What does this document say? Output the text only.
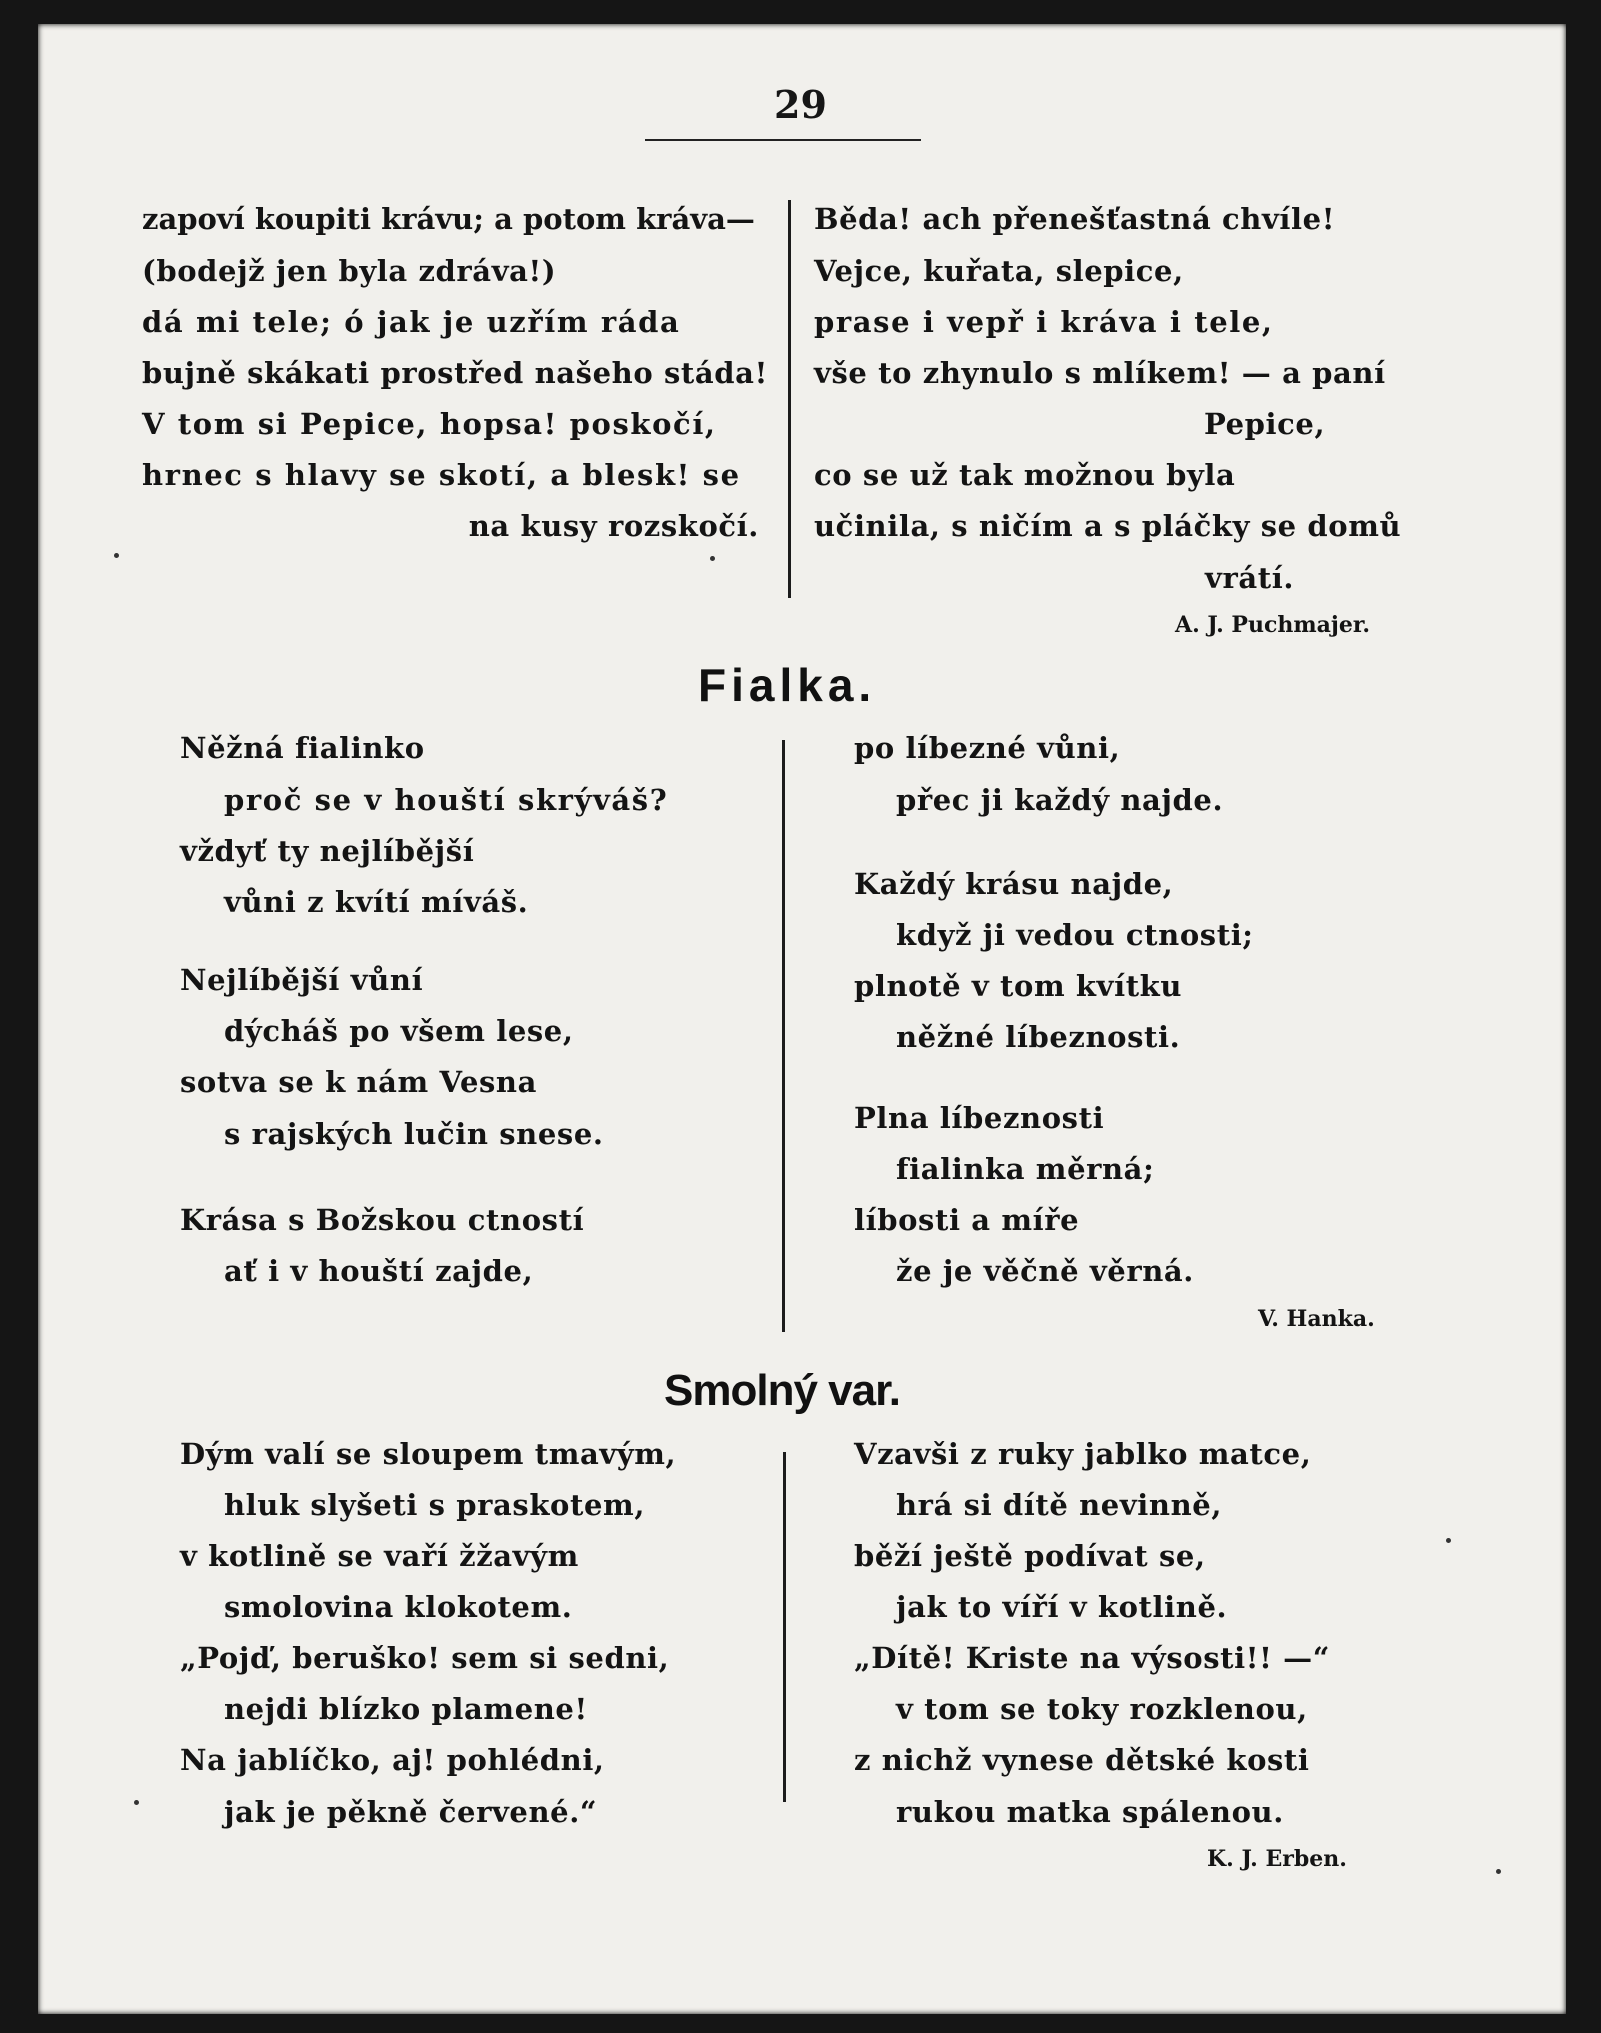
29
zapoví koupiti krávu; a potom kráva—
(bodejž jen byla zdráva!)
dá mi tele; ó jak je uzřím ráda
bujně skákati prostřed našeho stáda!
V tom si Pepice, hopsa! poskočí,
hrnec s hlavy se skotí, a blesk! se
na kusy rozskočí.
Běda! ach přenešťastná chvíle!
Vejce, kuřata, slepice,
prase i vepř i kráva i tele,
vše to zhynulo s mlíkem! — a paní
Pepice,
co se už tak možnou byla
učinila, s ničím a s pláčky se domů
vrátí.
A. J. Puchmajer.
Fialka.
Něžná fialinko
proč se v houští skrýváš?
vždyť ty nejlíbější
vůni z kvítí míváš.
Nejlíbější vůní
dýcháš po všem lese,
sotva se k nám Vesna
s rajských lučin snese.
Krása s Božskou ctností
ať i v houští zajde,
po líbezné vůni,
přec ji každý najde.
Každý krásu najde,
když ji vedou ctnosti;
plnotě v tom kvítku
něžné líbeznosti.
Plna líbeznosti
fialinka měrná;
líbosti a míře
že je věčně věrná.
V. Hanka.
Smolný var.
Dým valí se sloupem tmavým,
hluk slyšeti s praskotem,
v kotlině se vaří žžavým
smolovina klokotem.
„Pojď, beruško! sem si sedni,
nejdi blízko plamene!
Na jablíčko, aj! pohlédni,
jak je pěkně červené.“
Vzavši z ruky jablko matce,
hrá si dítě nevinně,
běží ještě podívat se,
jak to víří v kotlině.
„Dítě! Kriste na výsosti!! —“
v tom se toky rozklenou,
z nichž vynese dětské kosti
rukou matka spálenou.
K. J. Erben.
